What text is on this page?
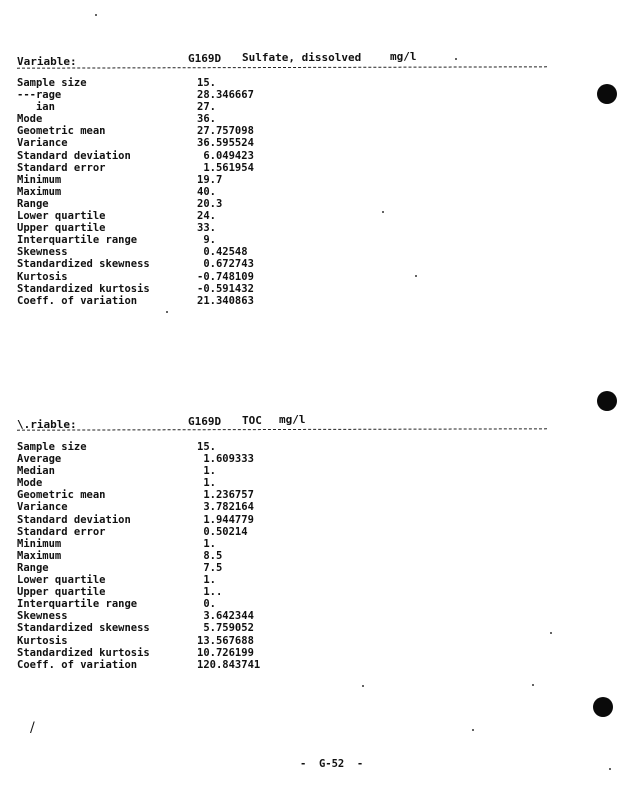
Variable:

	G169D

Sulfate, dissolved

	mg/l

Sample size	15.
---rage	28.346667
ian	27.
Mode	36.
Geometric mean	27.757098
Variance	36.595524
Standard deviation	6.049423
Standard error	1.561954
Minimum	19.7
Maximum	40.
Range	20.3
Lower quartile	24.
Upper quartile	33.
Interquartile range	9.
Skewness	0.42548
Standardized skewness	0.672743
Kurtosis	-0.748109
Standardized kurtosis	-0.591432
Coeff. of variation	21.340863

\.riable:

	G169D

TOC

mg/l

Sample size	15.
Average	1.609333
Median	1.
Mode	1.
Geometric mean	1.236757
Variance	3.782164
Standard deviation	1.944779
Standard error	0.50214
Minimum	1.
Maximum	8.5
Range	7.5
Lower quartile	1.
Upper quartile	1..
Interquartile range	0.
Skewness	3.642344
Standardized skewness	5.759052
Kurtosis	13.567688
Standardized kurtosis	10.726199
Coeff. of variation	120.843741
/
-  G-52  -
